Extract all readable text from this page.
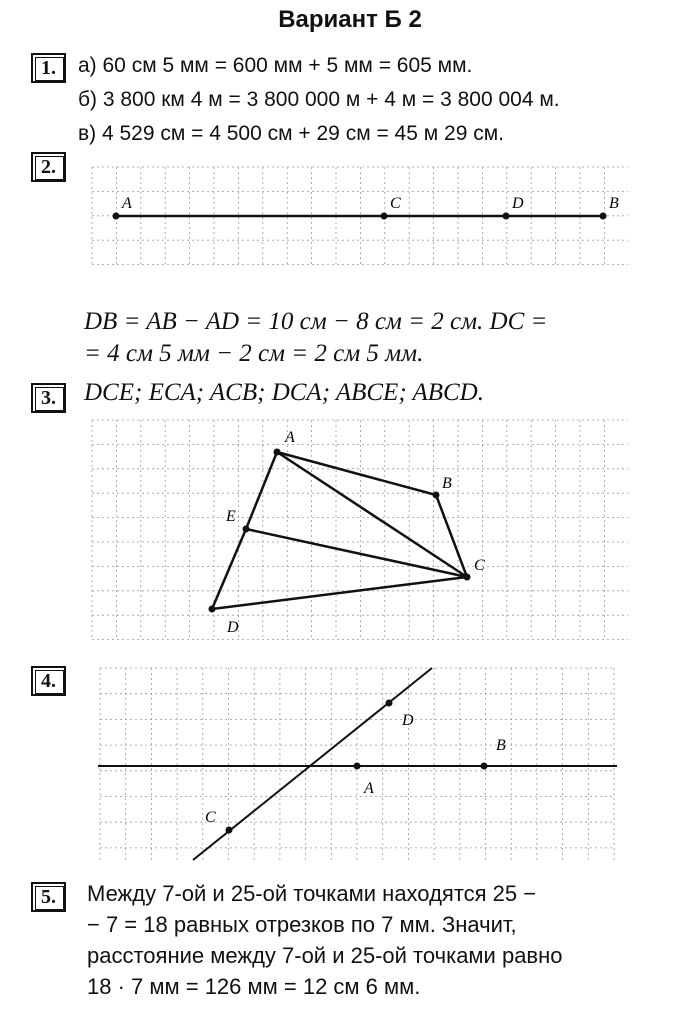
Вариант Б 2
1.	а) 60 см 5 мм = 600 мм + 5 мм = 605 мм.
б) 3 800 км 4 м = 3 800 000 м + 4 м = 3 800 004 м.
в) 4 529 см = 4 500 см + 29 см = 45 м 29 см.
2.
A	C	D	B
A
B
C
D
E
A
B
C
D
DB = AB − AD = 10 см − 8 см = 2 см. DC =
= 4 см 5 мм − 2 см = 2 см 5 мм.
3.	DCE; ECA; ACB; DCA; ABCE; ABCD.
4.
5.	Между 7-ой и 25-ой точками находятся 25 −
− 7 = 18 равных отрезков по 7 мм. Значит,
расстояние между 7-ой и 25-ой точками равно
18 · 7 мм = 126 мм = 12 см 6 мм.
